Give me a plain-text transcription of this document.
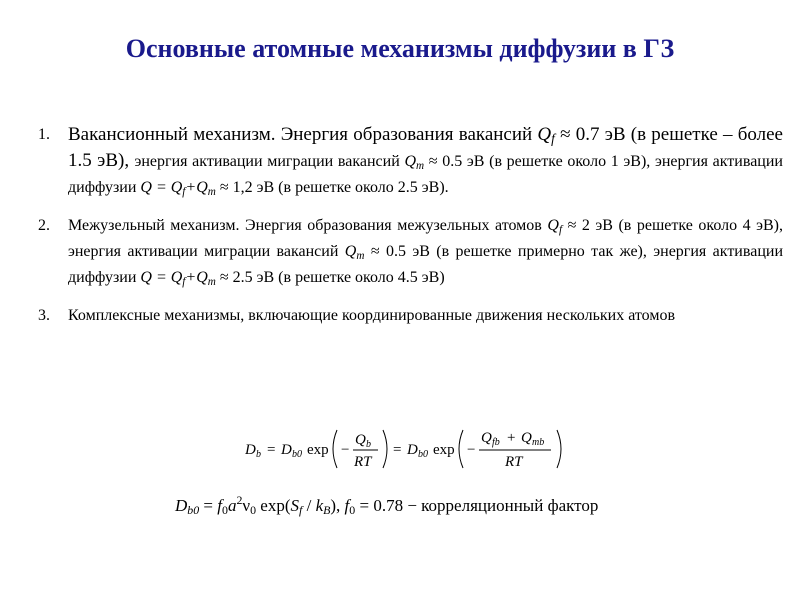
Основные атомные механизмы диффузии в ГЗ
1. Вакансионный механизм. Энергия образования вакансий $Q_f \approx 0.7$ эВ (в решетке – более 1.5 эВ), энергия активации миграции вакансий $Q_m \approx 0.5$ эВ (в решетке около 1 эВ), энергия активации диффузии $Q = Q_f+Q_m \approx 1,2$ эВ (в решетке около 2.5 эВ).
2. Межузельный механизм. Энергия образования межузельных атомов $Q_f \approx 2$ эВ (в решетке около 4 эВ), энергия активации миграции вакансий $Q_m \approx 0.5$ эВ (в решетке примерно так же), энергия активации диффузии $Q = Q_f+Q_m \approx 2.5$ эВ (в решетке около 4.5 эВ)
3. Комплексные механизмы, включающие координированные движения нескольких атомов
D b = D b0 exp −
Q b
RT
= D b0 exp −
Q fb + Q mb
RT
$D_{b0} = f_0a^2\nu_0$ $\exp(S_f / k_B)$, $f_0 = 0.78$ − корреляционный фактор
